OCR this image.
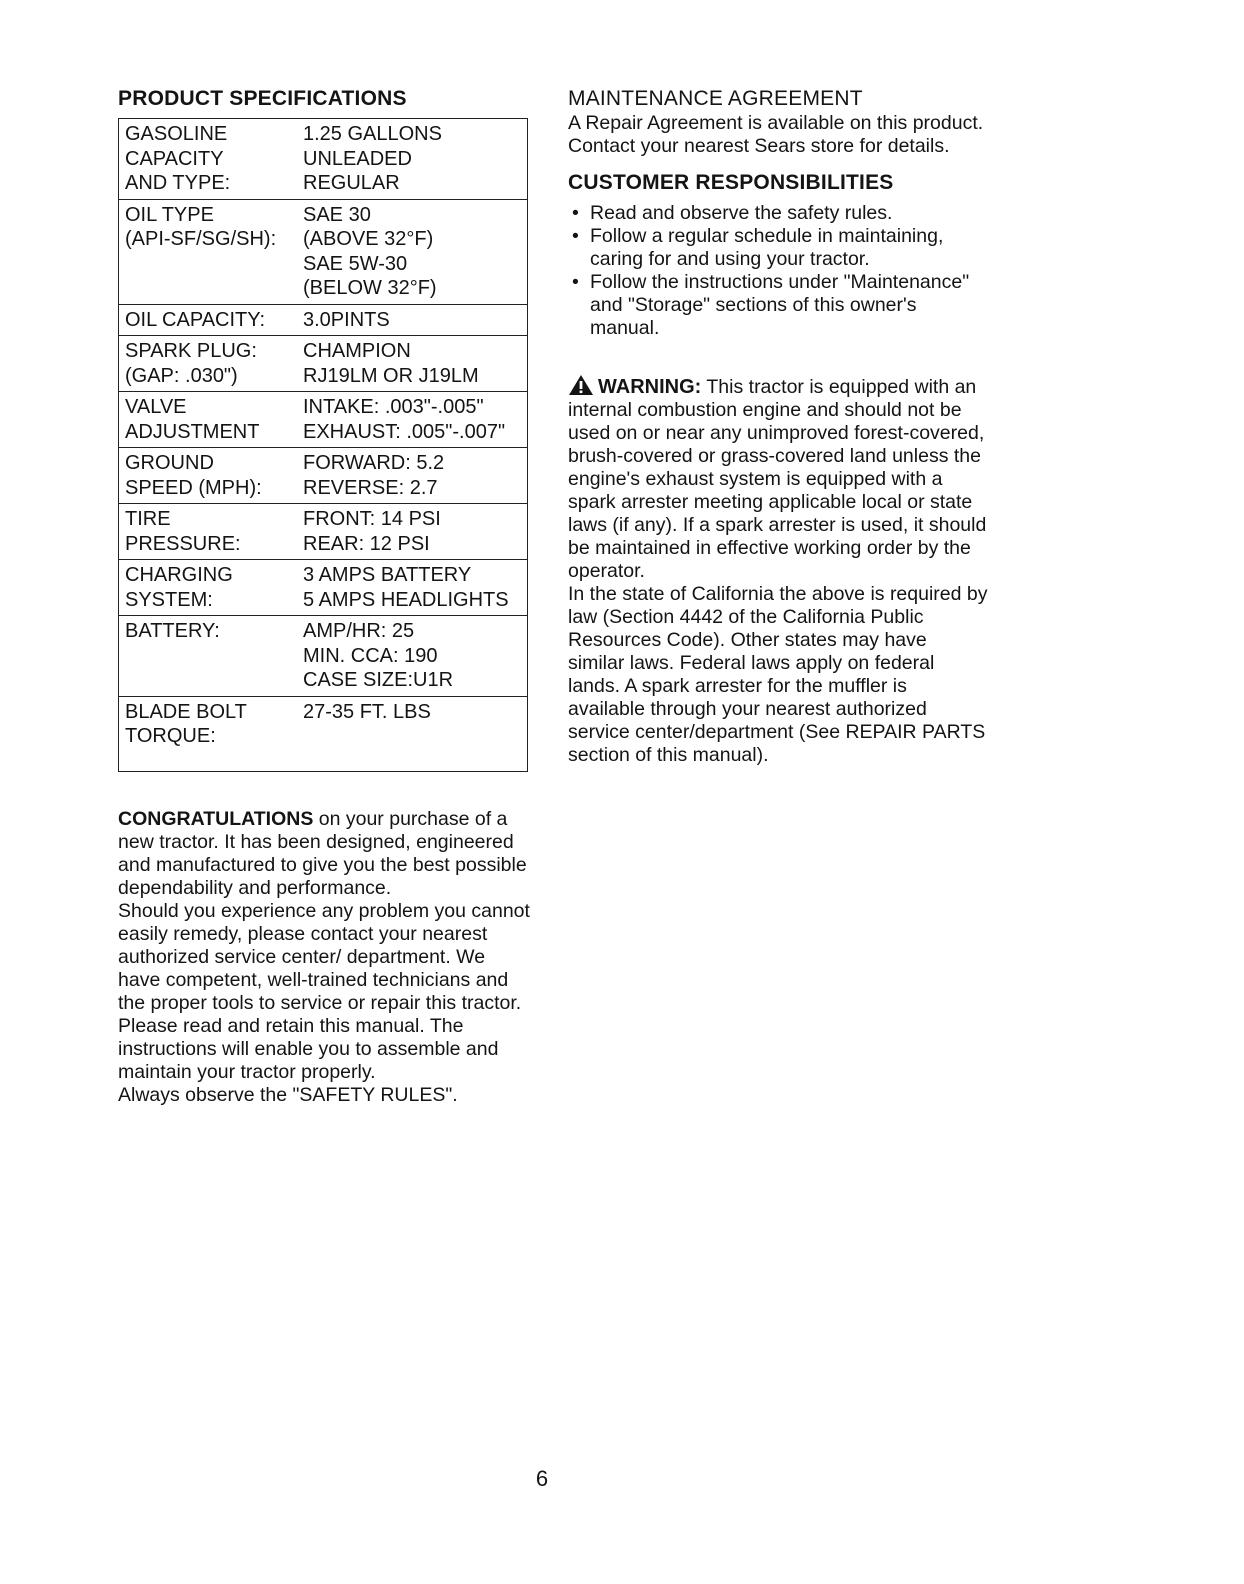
PRODUCT SPECIFICATIONS
GASOLINE
CAPACITY
AND TYPE:
1.25 GALLONS
UNLEADED
REGULAR
OIL TYPE
(API-SF/SG/SH):
SAE 30
(ABOVE 32°F)
SAE 5W-30
(BELOW 32°F)
OIL CAPACITY:	3.0PINTS
SPARK PLUG:
(GAP: .030")
CHAMPION
RJ19LM OR J19LM
VALVE
ADJUSTMENT
INTAKE: .003"-.005"
EXHAUST: .005"-.007"
GROUND
SPEED (MPH):
FORWARD: 5.2
REVERSE: 2.7
TIRE
PRESSURE:
FRONT: 14 PSI
REAR: 12 PSI
CHARGING
SYSTEM:
3 AMPS BATTERY
5 AMPS HEADLIGHTS
BATTERY:	AMP/HR: 25
MIN. CCA: 190
CASE SIZE:U1R
BLADE BOLT
TORQUE:
27-35 FT. LBS

CONGRATULATIONS on your purchase of a new tractor. It has been designed, engineered and manufactured to give you the best possible dependability and performance.

Should you experience any problem you cannot easily remedy, please contact your nearest authorized service center/ department. We have competent, well-trained technicians and the proper tools to service or repair this tractor.

Please read and retain this manual. The instructions will enable you to assemble and maintain your tractor properly.

Always observe the "SAFETY RULES".

MAINTENANCE AGREEMENT

A Repair Agreement is available on this product. Contact your nearest Sears store for details.

CUSTOMER RESPONSIBILITIES
• Read and observe the safety rules.
• Follow a regular schedule in maintaining, caring for and using your tractor.
• Follow the instructions under "Maintenance" and "Storage" sections of this owner's manual.

WARNING: This tractor is equipped with an internal combustion engine and should not be used on or near any unimproved forest-covered, brush-covered or grass-covered land unless the engine's exhaust system is equipped with a spark arrester meeting applicable local or state laws (if any). If a spark arrester is used, it should be maintained in effective working order by the operator.

In the state of California the above is required by law (Section 4442 of the California Public Resources Code). Other states may have similar laws. Federal laws apply on federal lands. A spark arrester for the muffler is available through your nearest authorized service center/department (See REPAIR PARTS section of this manual).

6
